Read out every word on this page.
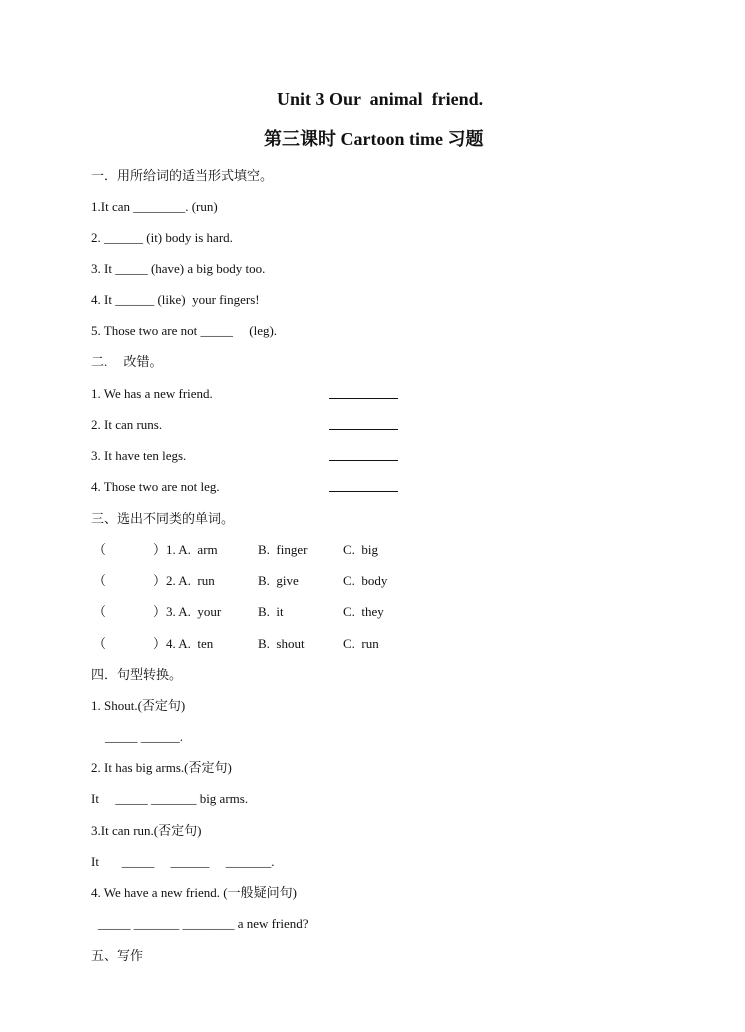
Unit 3 Our  animal  friend.
第三课时 Cartoon time 习题
一．用所给词的适当形式填空。
1.It can ________. (run)
2. ______ (it) body is hard.
3. It _____ (have) a big body too.
4. It ______ (like)  your fingers!
5. Those two are not _____     (leg).
二.     改错。
1. We has a new friend.
2. It can runs.
3. It have ten legs.
4. Those two are not leg.
三、选出不同类的单词。
（	）1. A.  arm	B.  finger	C.  big
（	）2. A.  run	B.  give	C.  body
（	）3. A.  your	B.  it	C.  they
（	）4. A.  ten	B.  shout	C.  run
四．句型转换。
1. Shout.(否定句)
_____ ______.
2. It has big arms.(否定句)
It     _____ _______ big arms.
3.It can run.(否定句)
It       _____     ______     _______.
4. We have a new friend. (一般疑问句)
_____ _______ ________ a new friend?
五、写作
